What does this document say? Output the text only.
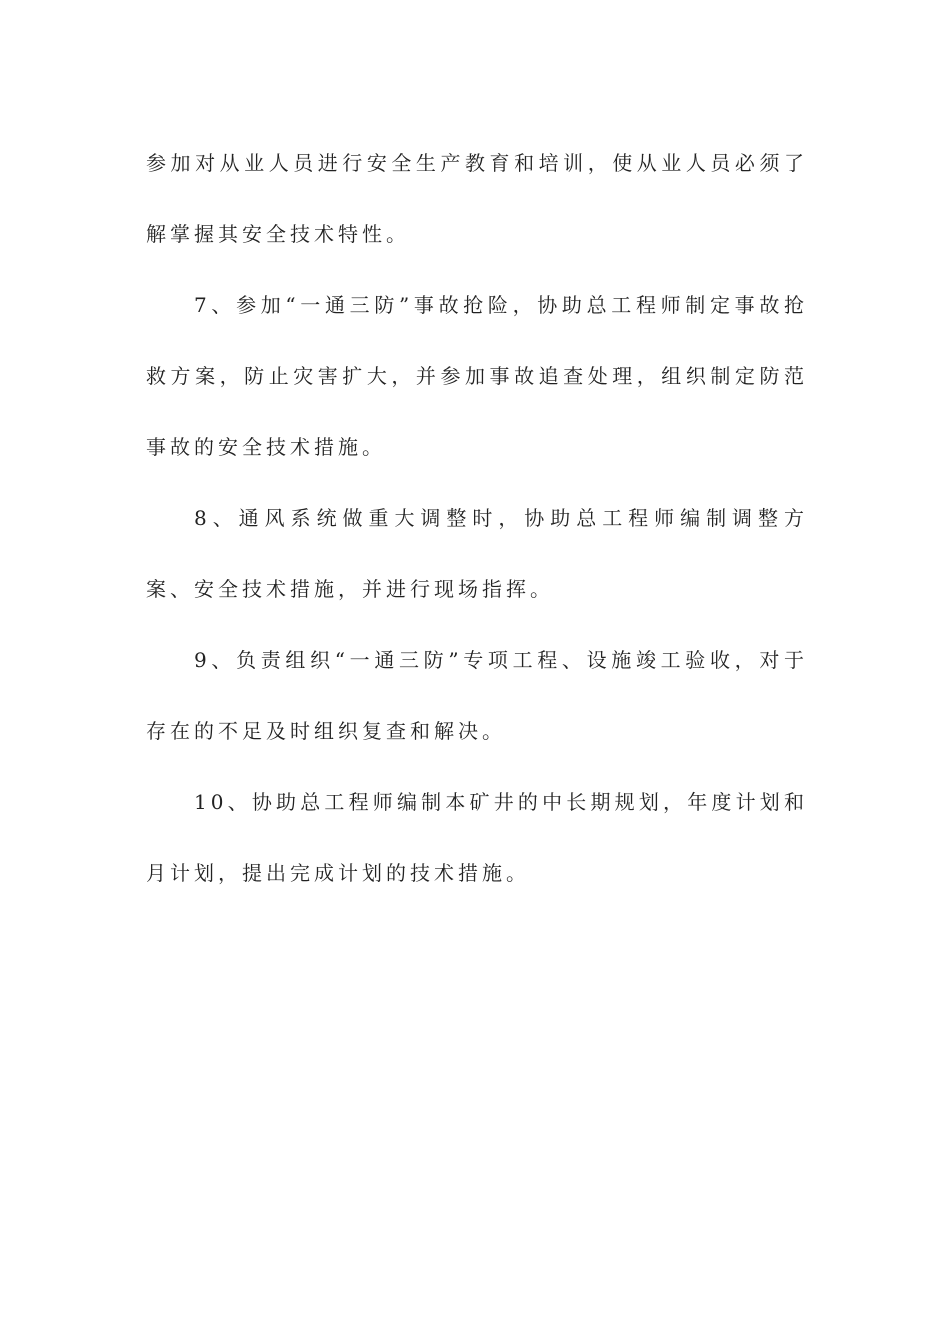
参加对从业人员进行安全生产教育和培训，使从业人员必须了解掌握其安全技术特性。

7、参加“一通三防”事故抢险，协助总工程师制定事故抢救方案，防止灾害扩大，并参加事故追查处理，组织制定防范事故的安全技术措施。

8、通风系统做重大调整时，协助总工程师编制调整方案、安全技术措施，并进行现场指挥。

9、负责组织“一通三防”专项工程、设施竣工验收，对于存在的不足及时组织复查和解决。

10、协助总工程师编制本矿井的中长期规划，年度计划和月计划，提出完成计划的技术措施。
